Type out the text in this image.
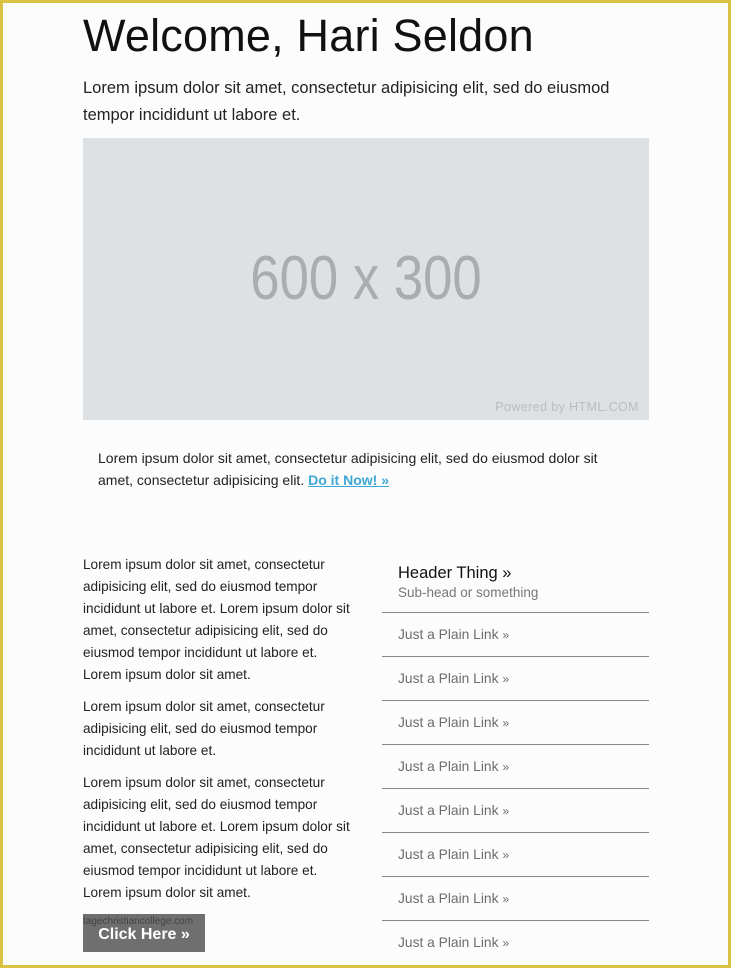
Welcome, Hari Seldon

Lorem ipsum dolor sit amet, consectetur adipisicing elit, sed do eiusmod tempor incididunt ut labore et.

600 x 300
Powered by HTML.COM

Lorem ipsum dolor sit amet, consectetur adipisicing elit, sed do eiusmod dolor sit amet, consectetur adipisicing elit. Do it Now! »

Lorem ipsum dolor sit amet, consectetur adipisicing elit, sed do eiusmod tempor incididunt ut labore et. Lorem ipsum dolor sit amet, consectetur adipisicing elit, sed do eiusmod tempor incididunt ut labore et. Lorem ipsum dolor sit amet.

Lorem ipsum dolor sit amet, consectetur adipisicing elit, sed do eiusmod tempor incididunt ut labore et.

Lorem ipsum dolor sit amet, consectetur adipisicing elit, sed do eiusmod tempor incididunt ut labore et. Lorem ipsum dolor sit amet, consectetur adipisicing elit, sed do eiusmod tempor incididunt ut labore et. Lorem ipsum dolor sit amet.

Click Here »
tagechristiancollege.com
Header Thing »
Sub-head or something
Just a Plain Link »
Just a Plain Link »
Just a Plain Link »
Just a Plain Link »
Just a Plain Link »
Just a Plain Link »
Just a Plain Link »
Just a Plain Link »
